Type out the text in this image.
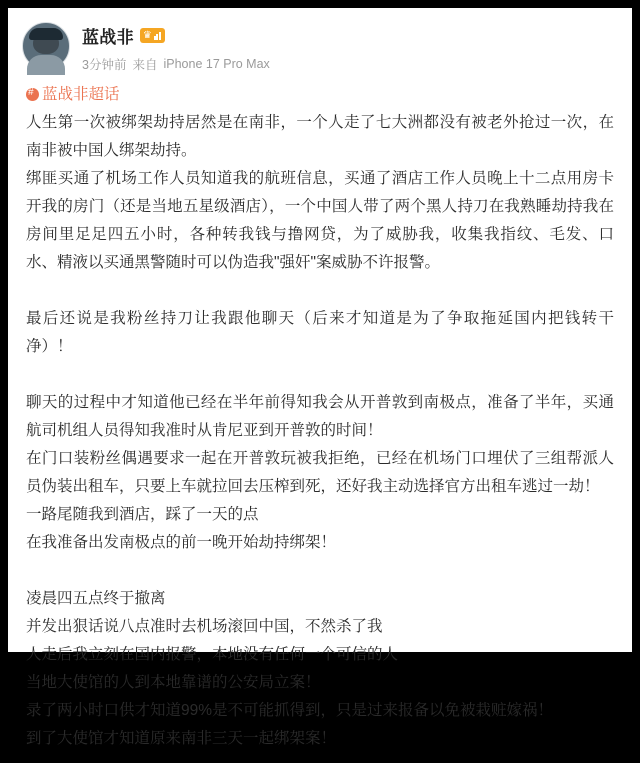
蓝战非 ♛
3分钟前 来自 iPhone 17 Pro Max
#蓝战非超话

人生第一次被绑架劫持居然是在南非，一个人走了七大洲都没有被老外抢过一次，在南非被中国人绑架劫持。

绑匪买通了机场工作人员知道我的航班信息，买通了酒店工作人员晚上十二点用房卡开我的房门（还是当地五星级酒店），一个中国人带了两个黑人持刀在我熟睡劫持我在房间里足足四五小时，各种转我钱与撸网贷，为了威胁我，收集我指纹、毛发、口水、精液以买通黑警随时可以伪造我"强奸"案威胁不许报警。

最后还说是我粉丝持刀让我跟他聊天（后来才知道是为了争取拖延国内把钱转干净）！

聊天的过程中才知道他已经在半年前得知我会从开普敦到南极点，准备了半年，买通航司机组人员得知我准时从肯尼亚到开普敦的时间！

在门口装粉丝偶遇要求一起在开普敦玩被我拒绝，已经在机场门口埋伏了三组帮派人员伪装出租车，只要上车就拉回去压榨到死，还好我主动选择官方出租车逃过一劫！

一路尾随我到酒店，踩了一天的点

在我准备出发南极点的前一晚开始劫持绑架！

凌晨四五点终于撤离

并发出狠话说八点准时去机场滚回中国，不然杀了我

人走后我立刻在国内报警，本地没有任何一个可信的人

当地大使馆的人到本地靠谱的公安局立案！

录了两小时口供才知道99%是不可能抓得到，只是过来报备以免被栽赃嫁祸！

到了大使馆才知道原来南非三天一起绑架案！
